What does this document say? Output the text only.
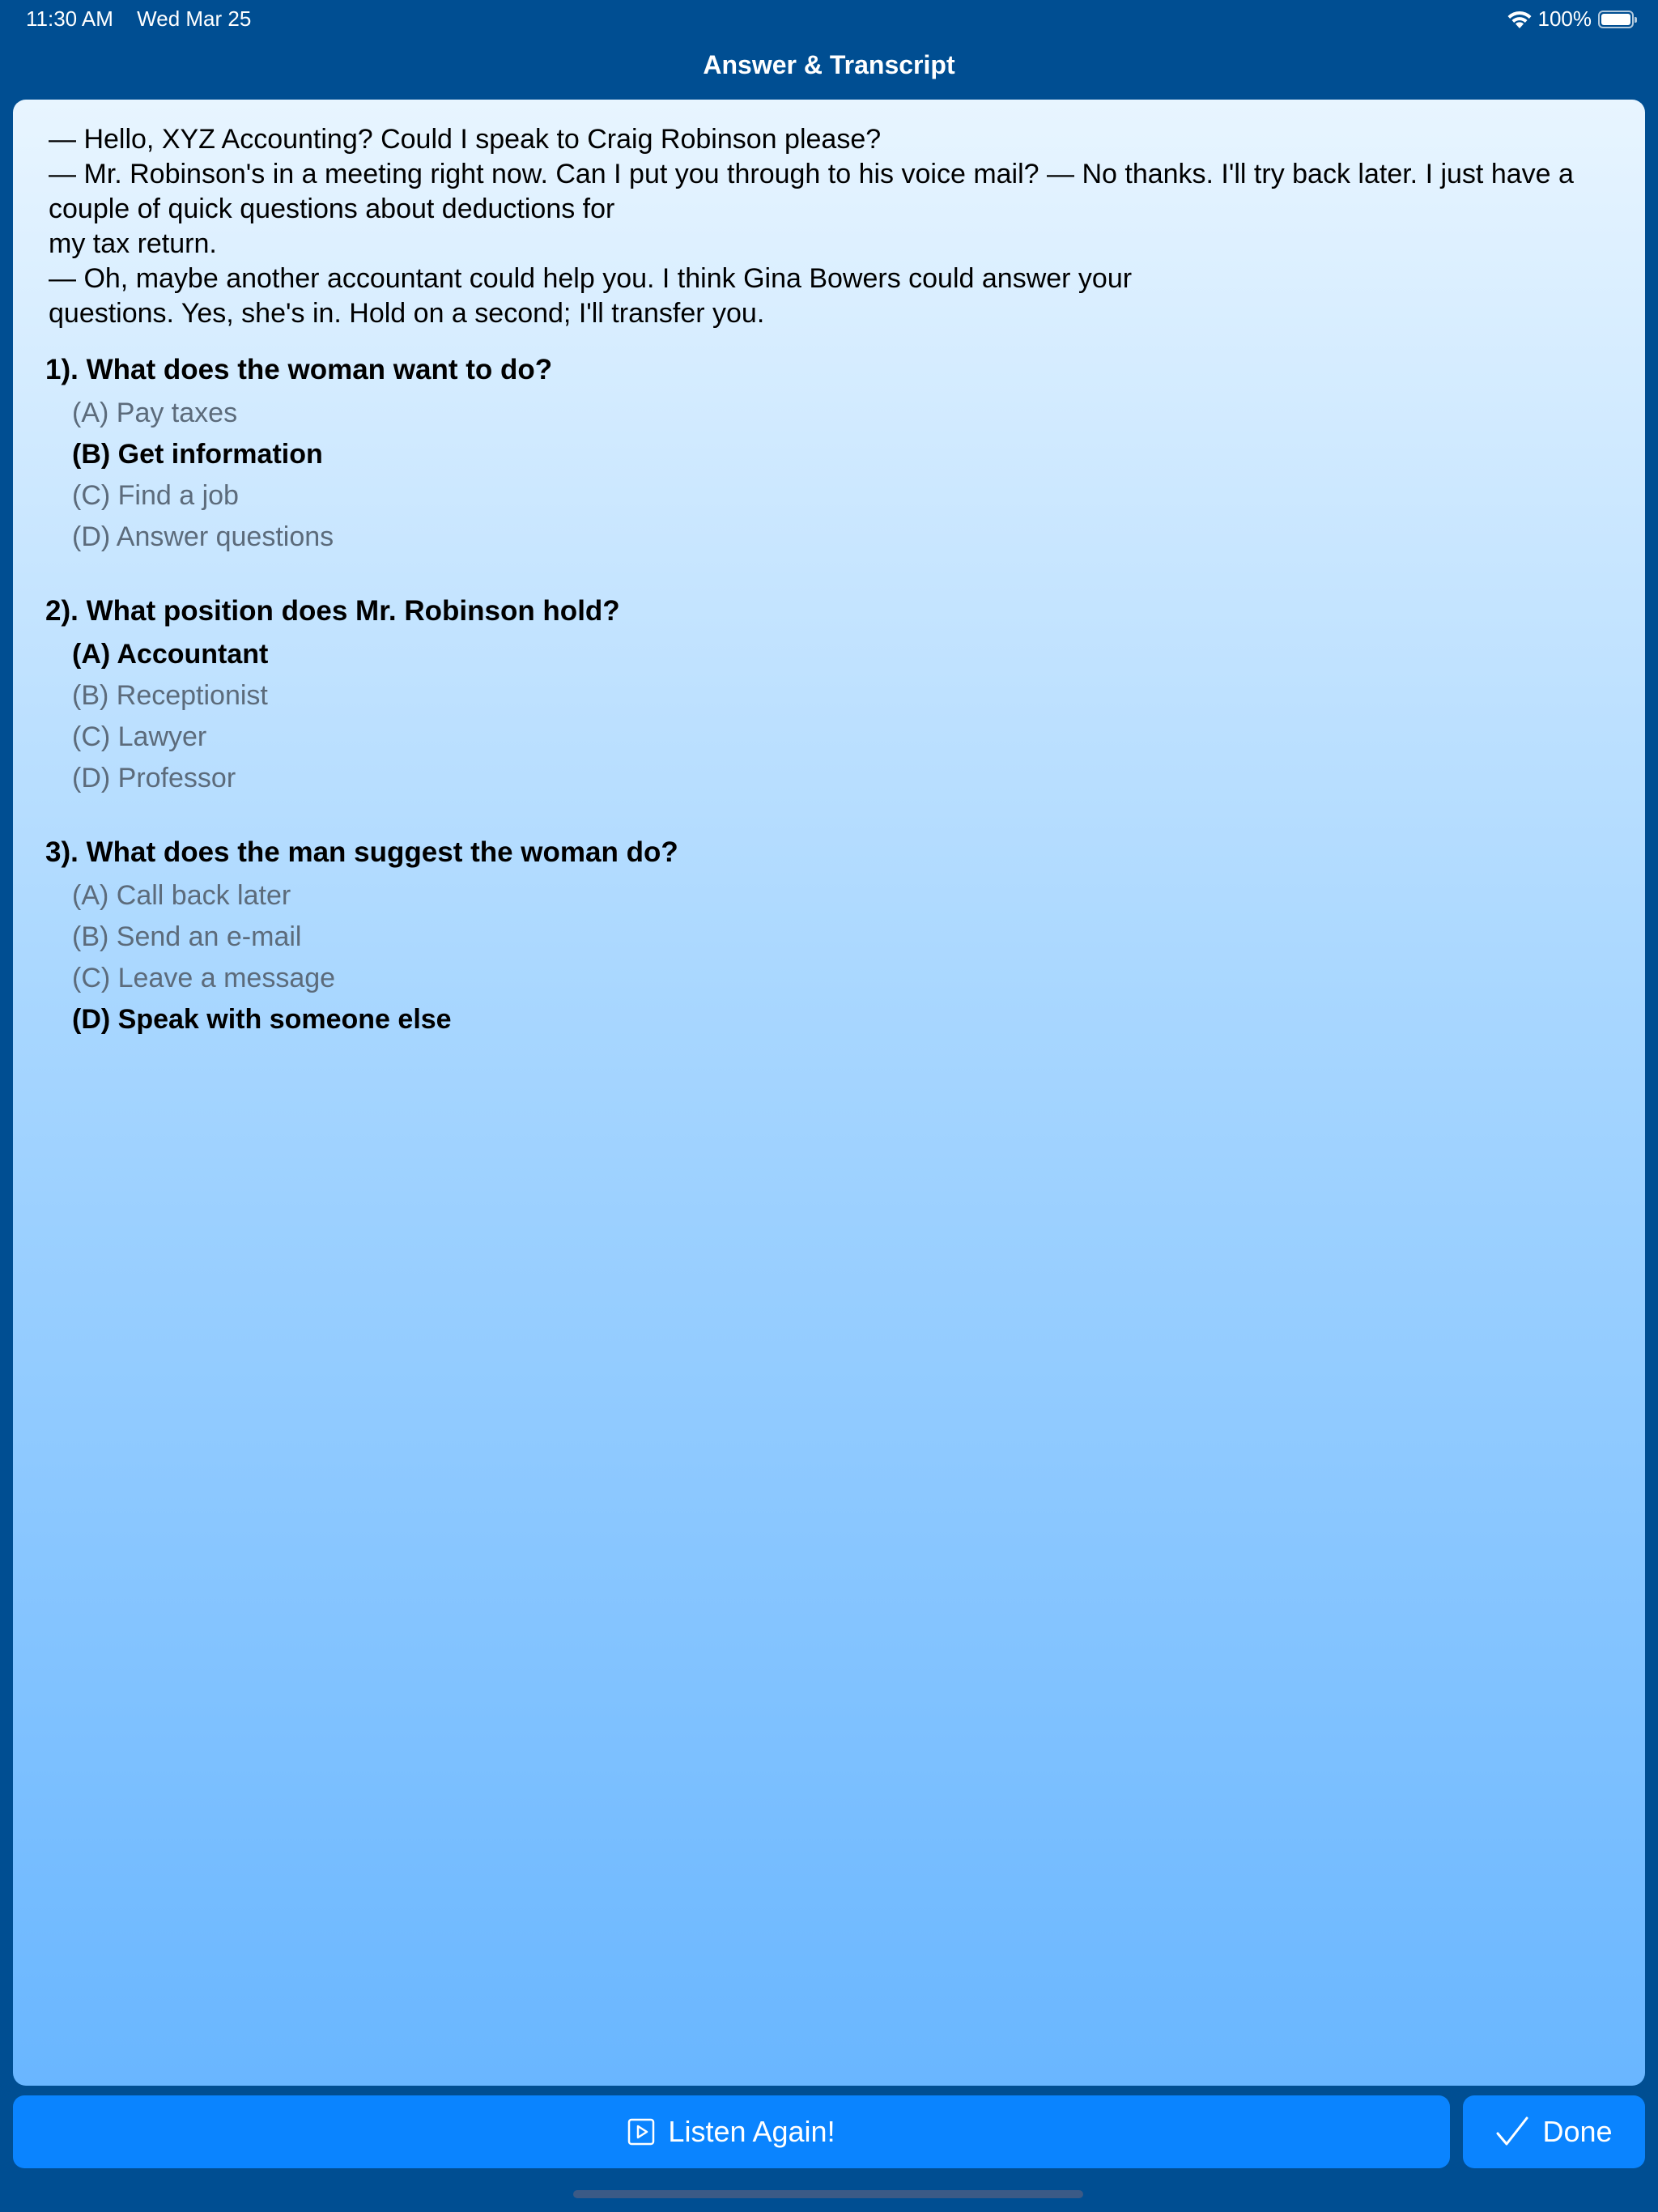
11:30 AM Wed Mar 25	100%
Answer & Transcript
— Hello, XYZ Accounting? Could I speak to Craig Robinson please?
— Mr. Robinson's in a meeting right now. Can I put you through to his voice mail? — No thanks. I'll try back later. I just have a couple of quick questions about deductions for
my tax return.
— Oh, maybe another accountant could help you. I think Gina Bowers could answer your
questions. Yes, she's in. Hold on a second; I'll transfer you.
1). What does the woman want to do?
(A) Pay taxes
(B) Get information
(C) Find a job
(D) Answer questions
2). What position does Mr. Robinson hold?
(A) Accountant
(B) Receptionist
(C) Lawyer
(D) Professor
3). What does the man suggest the woman do?
(A) Call back later
(B) Send an e-mail
(C) Leave a message
(D) Speak with someone else
Listen Again!	Done
